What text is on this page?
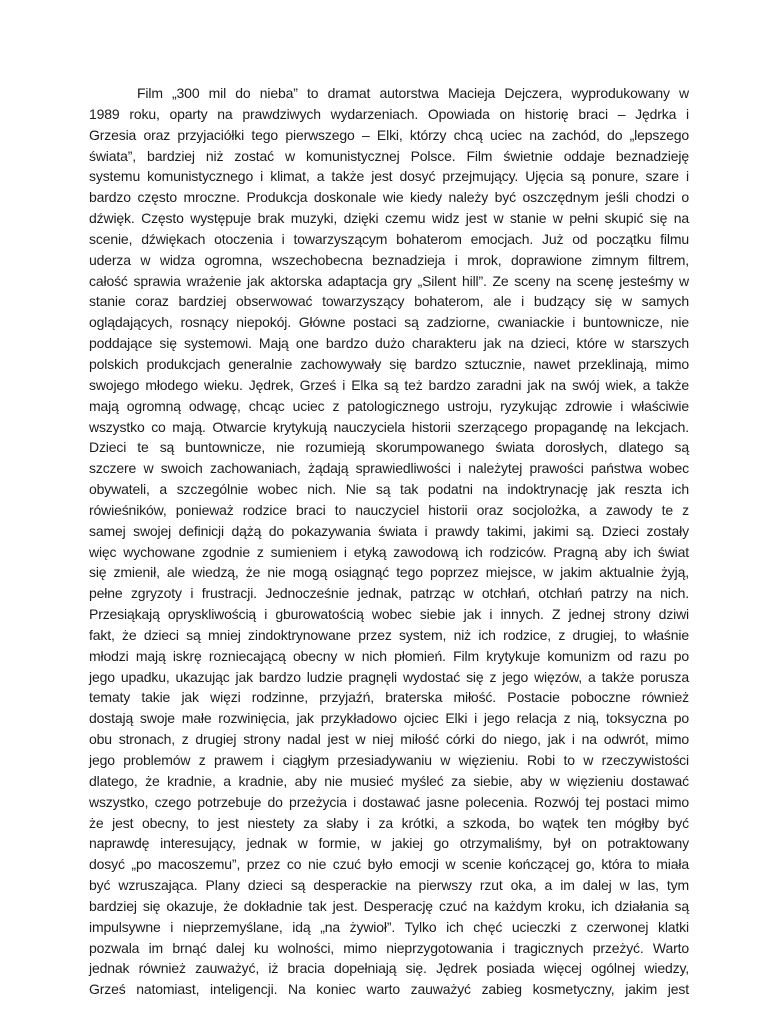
Film „300 mil do nieba” to dramat autorstwa Macieja Dejczera, wyprodukowany w
1989 roku, oparty na prawdziwych wydarzeniach. Opowiada on historię braci – Jędrka i
Grzesia oraz przyjaciółki tego pierwszego – Elki, którzy chcą uciec na zachód, do „lepszego
świata”, bardziej niż zostać w komunistycznej Polsce. Film świetnie oddaje beznadzieję
systemu komunistycznego i klimat, a także jest dosyć przejmujący. Ujęcia są ponure, szare i
bardzo często mroczne. Produkcja doskonale wie kiedy należy być oszczędnym jeśli chodzi o
dźwięk. Często występuje brak muzyki, dzięki czemu widz jest w stanie w pełni skupić się na
scenie, dźwiękach otoczenia i towarzyszącym bohaterom emocjach. Już od początku filmu
uderza w widza ogromna, wszechobecna beznadzieja i mrok, doprawione zimnym filtrem,
całość sprawia wrażenie jak aktorska adaptacja gry „Silent hill”. Ze sceny na scenę jesteśmy w
stanie coraz bardziej obserwować towarzyszący bohaterom, ale i budzący się w samych
oglądających, rosnący niepokój. Główne postaci są zadziorne, cwaniackie i buntownicze, nie
poddające się systemowi. Mają one bardzo dużo charakteru jak na dzieci, które w starszych
polskich produkcjach generalnie zachowywały się bardzo sztucznie, nawet przeklinają, mimo
swojego młodego wieku. Jędrek, Grześ i Elka są też bardzo zaradni jak na swój wiek, a także
mają ogromną odwagę, chcąc uciec z patologicznego ustroju, ryzykując zdrowie i właściwie
wszystko co mają. Otwarcie krytykują nauczyciela historii szerzącego propagandę na lekcjach.
Dzieci te są buntownicze, nie rozumieją skorumpowanego świata dorosłych, dlatego są
szczere w swoich zachowaniach, żądają sprawiedliwości i należytej prawości państwa wobec
obywateli, a szczególnie wobec nich. Nie są tak podatni na indoktrynację jak reszta ich
rówieśników, ponieważ rodzice braci to nauczyciel historii oraz socjolożka, a zawody te z
samej swojej definicji dążą do pokazywania świata i prawdy takimi, jakimi są. Dzieci zostały
więc wychowane zgodnie z sumieniem i etyką zawodową ich rodziców. Pragną aby ich świat
się zmienił, ale wiedzą, że nie mogą osiągnąć tego poprzez miejsce, w jakim aktualnie żyją,
pełne zgryzoty i frustracji. Jednocześnie jednak, patrząc w otchłań, otchłań patrzy na nich.
Przesiąkają opryskliwością i gburowatością wobec siebie jak i innych. Z jednej strony dziwi
fakt, że dzieci są mniej zindoktrynowane przez system, niż ich rodzice, z drugiej, to właśnie
młodzi mają iskrę rozniecającą obecny w nich płomień. Film krytykuje komunizm od razu po
jego upadku, ukazując jak bardzo ludzie pragnęli wydostać się z jego więzów, a także porusza
tematy takie jak więzi rodzinne, przyjaźń, braterska miłość. Postacie poboczne również
dostają swoje małe rozwinięcia, jak przykładowo ojciec Elki i jego relacja z nią, toksyczna po
obu stronach, z drugiej strony nadal jest w niej miłość córki do niego, jak i na odwrót, mimo
jego problemów z prawem i ciągłym przesiadywaniu w więzieniu. Robi to w rzeczywistości
dlatego, że kradnie, a kradnie, aby nie musieć myśleć za siebie, aby w więzieniu dostawać
wszystko, czego potrzebuje do przeżycia i dostawać jasne polecenia. Rozwój tej postaci mimo
że jest obecny, to jest niestety za słaby i za krótki, a szkoda, bo wątek ten mógłby być
naprawdę interesujący, jednak w formie, w jakiej go otrzymaliśmy, był on potraktowany
dosyć „po macoszemu”, przez co nie czuć było emocji w scenie kończącej go, która to miała
być wzruszająca. Plany dzieci są desperackie na pierwszy rzut oka, a im dalej w las, tym
bardziej się okazuje, że dokładnie tak jest. Desperację czuć na każdym kroku, ich działania są
impulsywne i nieprzemyślane, idą „na żywioł”. Tylko ich chęć ucieczki z czerwonej klatki
pozwala im brnąć dalej ku wolności, mimo nieprzygotowania i tragicznych przeżyć. Warto
jednak również zauważyć, iż bracia dopełniają się. Jędrek posiada więcej ogólnej wiedzy,
Grześ natomiast, inteligencji. Na koniec warto zauważyć zabieg kosmetyczny, jakim jest
